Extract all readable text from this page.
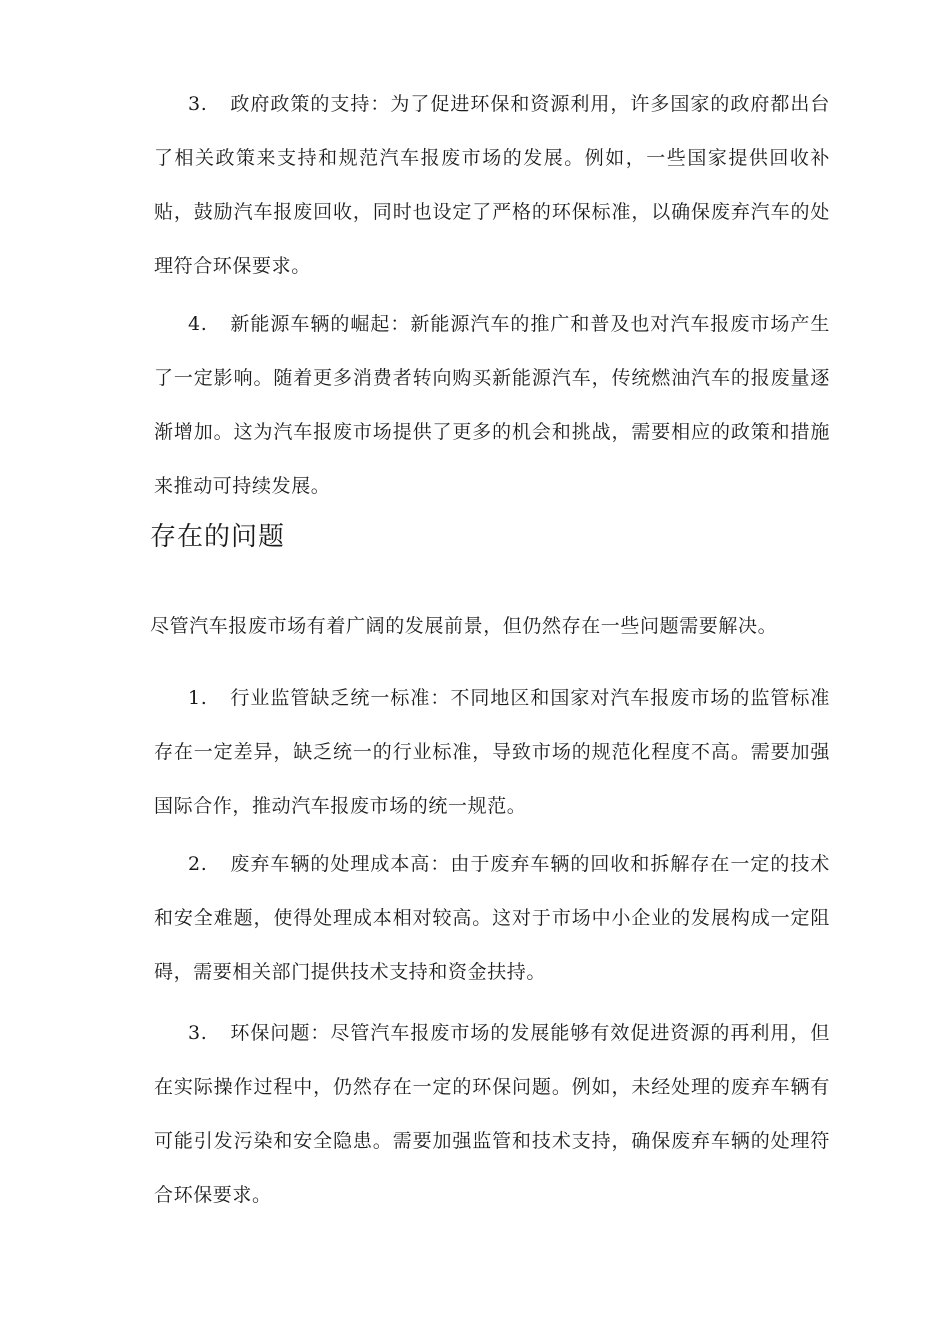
3. 政府政策的支持：为了促进环保和资源利用，许多国家的政府都出台了相关政策来支持和规范汽车报废市场的发展。例如，一些国家提供回收补贴，鼓励汽车报废回收，同时也设定了严格的环保标准，以确保废弃汽车的处理符合环保要求。
4. 新能源车辆的崛起：新能源汽车的推广和普及也对汽车报废市场产生了一定影响。随着更多消费者转向购买新能源汽车，传统燃油汽车的报废量逐渐增加。这为汽车报废市场提供了更多的机会和挑战，需要相应的政策和措施来推动可持续发展。
存在的问题
尽管汽车报废市场有着广阔的发展前景，但仍然存在一些问题需要解决。
1. 行业监管缺乏统一标准：不同地区和国家对汽车报废市场的监管标准存在一定差异，缺乏统一的行业标准，导致市场的规范化程度不高。需要加强国际合作，推动汽车报废市场的统一规范。
2. 废弃车辆的处理成本高：由于废弃车辆的回收和拆解存在一定的技术和安全难题，使得处理成本相对较高。这对于市场中小企业的发展构成一定阻碍，需要相关部门提供技术支持和资金扶持。
3. 环保问题：尽管汽车报废市场的发展能够有效促进资源的再利用，但在实际操作过程中，仍然存在一定的环保问题。例如，未经处理的废弃车辆有可能引发污染和安全隐患。需要加强监管和技术支持，确保废弃车辆的处理符合环保要求。
